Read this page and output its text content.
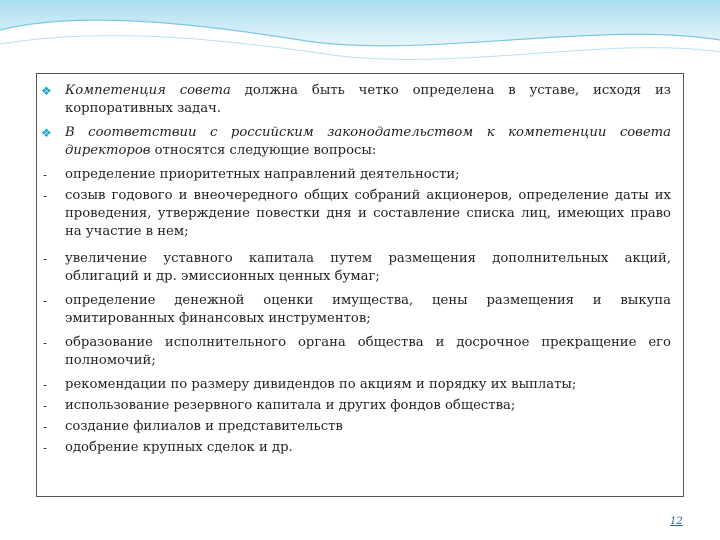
❖	Компетенция совета должна быть четко определена в уставе, исходя из корпоративных задач.
❖	В соответствии с российским законодательством к компетенции совета директоров относятся следующие вопросы:
-	определение приоритетных направлений деятельности;
-	созыв годового и внеочередного общих собраний акционеров, определение даты их проведения, утверждение повестки дня и составление списка лиц, имеющих право на участие в нем;
-	увеличение уставного капитала путем размещения дополнительных акций, облигаций и др. эмиссионных ценных бумаг;
-	определение денежной оценки имущества, цены размещения и выкупа эмитированных финансовых инструментов;
-	образование исполнительного органа общества и досрочное прекращение его полномочий;
-	рекомендации по размеру дивидендов по акциям и порядку их выплаты;
-	использование резервного капитала и других фондов общества;
-	создание филиалов и представительств
-	одобрение крупных сделок и др.
12
